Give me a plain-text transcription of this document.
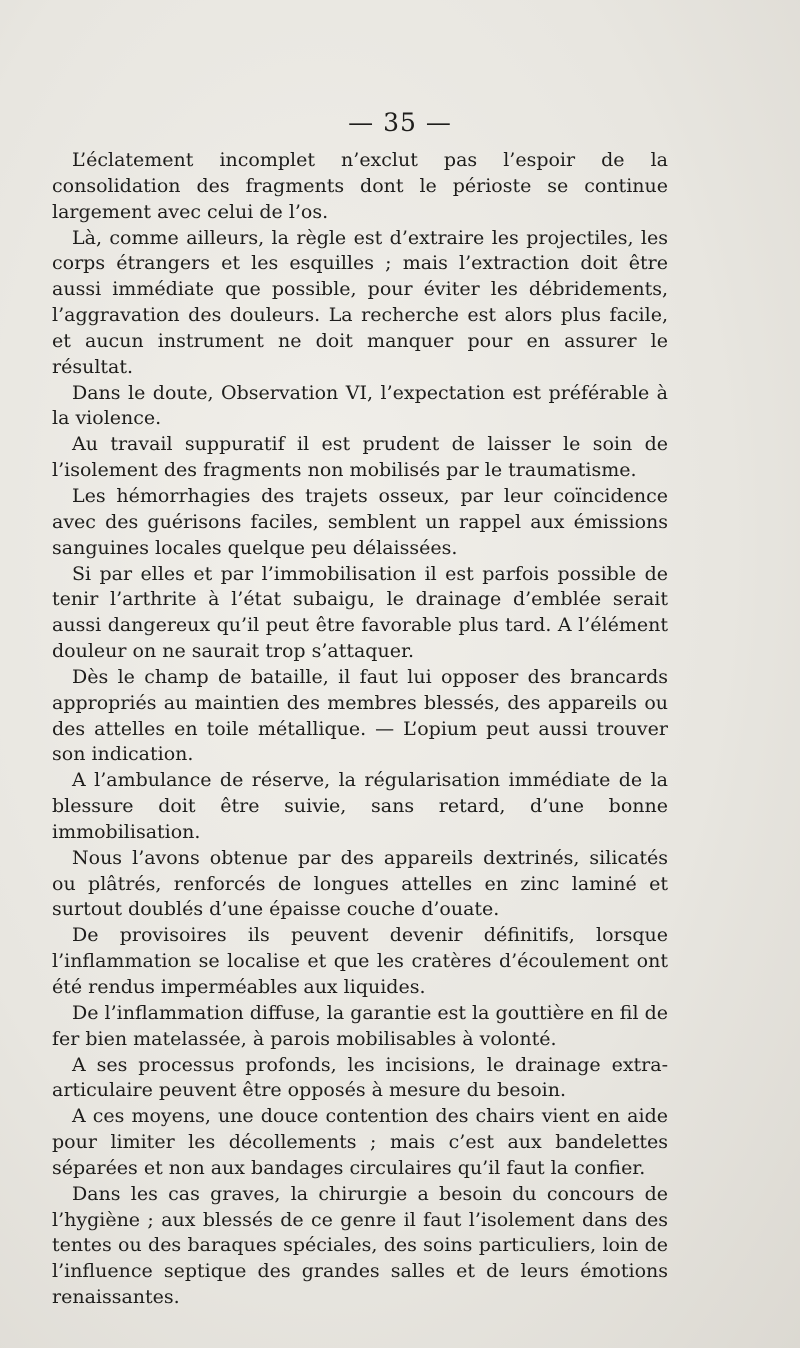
— 35 —

L’éclatement incomplet n’exclut pas l’espoir de la consolidation des fragments dont le périoste se continue largement avec celui de l’os.

Là, comme ailleurs, la règle est d’extraire les projectiles, les corps étrangers et les esquilles ; mais l’extraction doit être aussi immédiate que possible, pour éviter les débridements, l’aggravation des douleurs. La recherche est alors plus facile, et aucun instrument ne doit manquer pour en assurer le résultat.

Dans le doute, Observation VI, l’expectation est préférable à la violence.

Au travail suppuratif il est prudent de laisser le soin de l’isolement des fragments non mobilisés par le traumatisme.

Les hémorrhagies des trajets osseux, par leur coïncidence avec des guérisons faciles, semblent un rappel aux émissions sanguines locales quelque peu délaissées.

Si par elles et par l’immobilisation il est parfois possible de tenir l’arthrite à l’état subaigu, le drainage d’emblée serait aussi dangereux qu’il peut être favorable plus tard. A l’élément douleur on ne saurait trop s’attaquer.

Dès le champ de bataille, il faut lui opposer des brancards appropriés au maintien des membres blessés, des appareils ou des attelles en toile métallique. — L’opium peut aussi trouver son indication.

A l’ambulance de réserve, la régularisation immédiate de la blessure doit être suivie, sans retard, d’une bonne immobilisation.

Nous l’avons obtenue par des appareils dextrinés, silicatés ou plâtrés, renforcés de longues attelles en zinc laminé et surtout doublés d’une épaisse couche d’ouate.

De provisoires ils peuvent devenir définitifs, lorsque l’inflammation se localise et que les cratères d’écoulement ont été rendus imperméables aux liquides.

De l’inflammation diffuse, la garantie est la gouttière en fil de fer bien matelassée, à parois mobilisables à volonté.

A ses processus profonds, les incisions, le drainage extra-articulaire peuvent être opposés à mesure du besoin.

A ces moyens, une douce contention des chairs vient en aide pour limiter les décollements ; mais c’est aux bandelettes séparées et non aux bandages circulaires qu’il faut la confier.

Dans les cas graves, la chirurgie a besoin du concours de l’hygiène ; aux blessés de ce genre il faut l’isolement dans des tentes ou des baraques spéciales, des soins particuliers, loin de l’influence septique des grandes salles et de leurs émotions renaissantes.
